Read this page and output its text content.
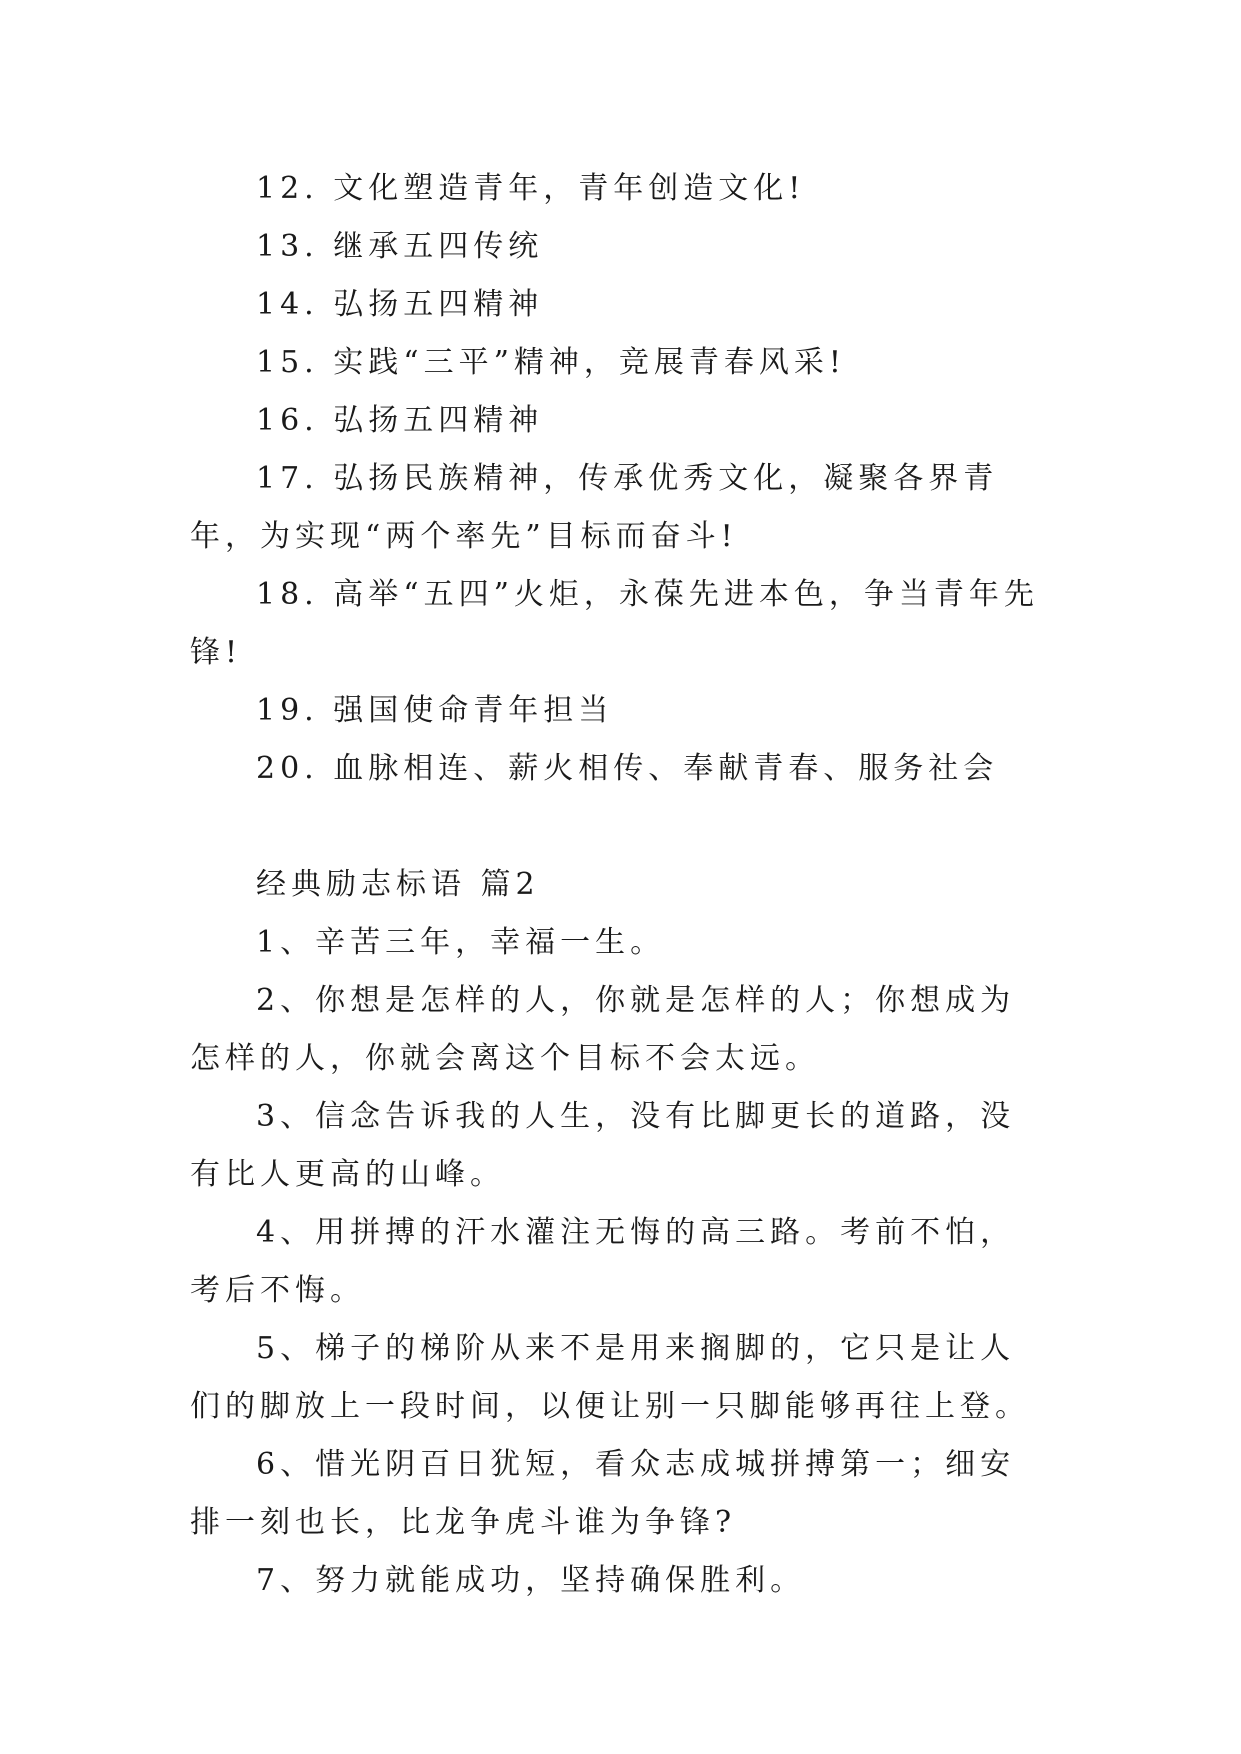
12. 文化塑造青年，青年创造文化!

13. 继承五四传统

14. 弘扬五四精神

15. 实践“三平”精神，竞展青春风采!

16. 弘扬五四精神

17. 弘扬民族精神，传承优秀文化，凝聚各界青年，为实现“两个率先”目标而奋斗!

18. 高举“五四”火炬，永葆先进本色，争当青年先锋!

19. 强国使命青年担当

20. 血脉相连、薪火相传、奉献青春、服务社会

经典励志标语 篇2

1、辛苦三年，幸福一生。

2、你想是怎样的人，你就是怎样的人；你想成为怎样的人，你就会离这个目标不会太远。

3、信念告诉我的人生，没有比脚更长的道路，没有比人更高的山峰。

4、用拼搏的汗水灌注无悔的高三路。考前不怕，考后不悔。

5、梯子的梯阶从来不是用来搁脚的，它只是让人们的脚放上一段时间，以便让别一只脚能够再往上登。

6、惜光阴百日犹短，看众志成城拼搏第一；细安排一刻也长，比龙争虎斗谁为争锋?

7、努力就能成功，坚持确保胜利。
